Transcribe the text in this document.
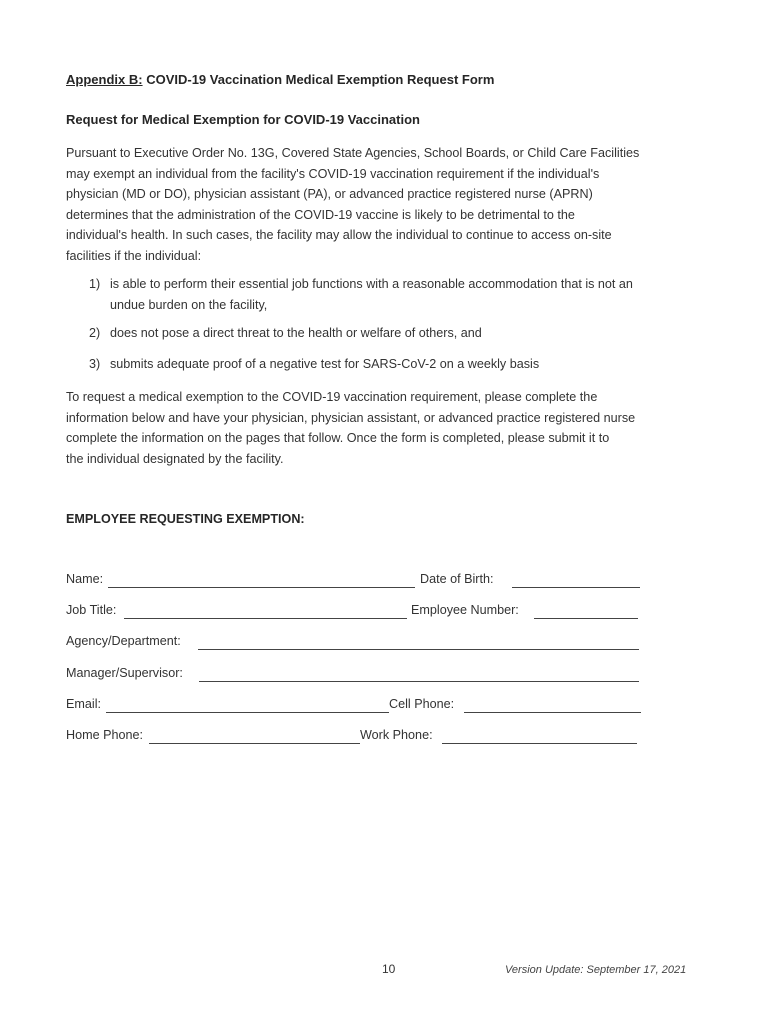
Appendix B: COVID-19 Vaccination Medical Exemption Request Form
Request for Medical Exemption for COVID-19 Vaccination

Pursuant to Executive Order No. 13G, Covered State Agencies, School Boards, or Child Care Facilities
may exempt an individual from the facility's COVID-19 vaccination requirement if the individual's
physician (MD or DO), physician assistant (PA), or advanced practice registered nurse (APRN)
determines that the administration of the COVID-19 vaccine is likely to be detrimental to the
individual's health. In such cases, the facility may allow the individual to continue to access on-site
facilities if the individual:

1) is able to perform their essential job functions with a reasonable accommodation that is not an
undue burden on the facility,
2) does not pose a direct threat to the health or welfare of others, and
3) submits adequate proof of a negative test for SARS-CoV-2 on a weekly basis

To request a medical exemption to the COVID-19 vaccination requirement, please complete the
information below and have your physician, physician assistant, or advanced practice registered nurse
complete the information on the pages that follow. Once the form is completed, please submit it to
the individual designated by the facility.

EMPLOYEE REQUESTING EXEMPTION:
Name:	Date of Birth:
Job Title:	Employee Number:
Agency/Department:
Manager/Supervisor:
Email:	Cell Phone:
Home Phone:	Work Phone:
10	Version Update: September 17, 2021
